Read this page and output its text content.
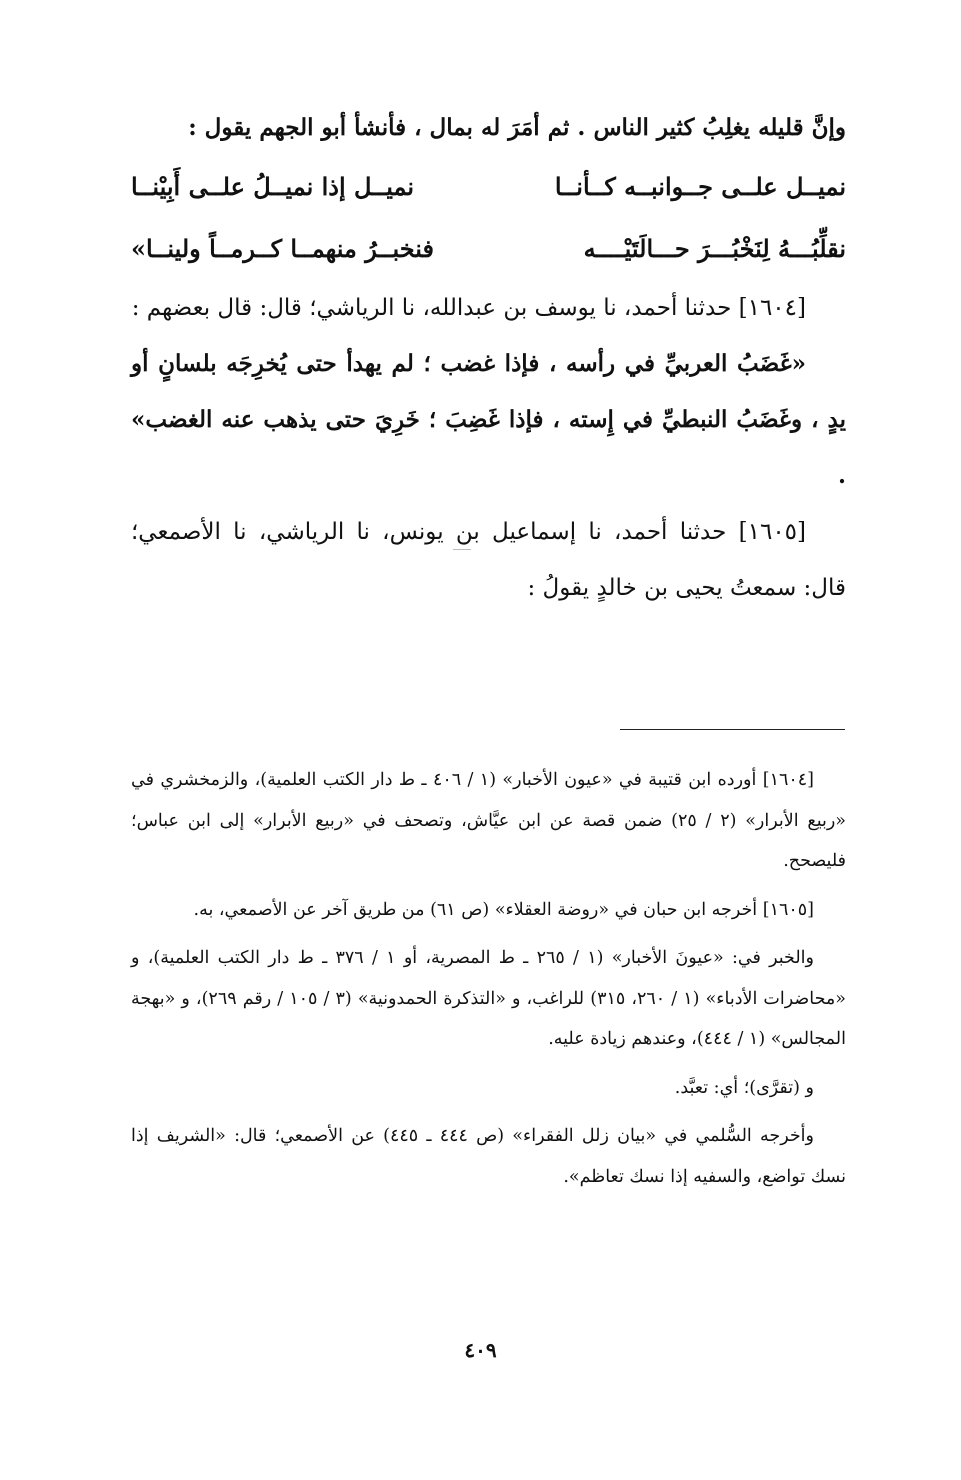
وإنَّ قليله يغلِبُ كثير الناس . ثم أمَرَ له بمال ، فأنشأ أبو الجهم يقول :

نميــل علــى جــوانبــه كــأنــا
نميــل إذا نميــلُ علــى أَبِيْنــا
نقلِّبُـــهُ لِنَخْبُـــرَ حـــالَتَيْــــه
فنخبــرُ منهمــا كــرمــاً ولينــا»

[١٦٠٤] حدثنا أحمد، نا يوسف بن عبدالله، نا الرياشي؛ قال: قال بعضهم :

«غَضَبُ العربيِّ في رأسه ، فإذا غضب ؛ لم يهدأ حتى يُخرِجَه بلسانٍ أو يدٍ ، وغَضَبُ النبطيِّ في إِسته ، فإذا غَضِبَ ؛ خَرِيَ حتى يذهب عنه الغضب» .

[١٦٠٥] حدثنا أحمد، نا إسماعيل بن يونس، نا الرياشي، نا الأصمعي؛ قال: سمعتُ يحيى بن خالدٍ يقولُ :

[١٦٠٤] أورده ابن قتيبة في «عيون الأخبار» (١ / ٤٠٦ ـ ط دار الكتب العلمية)، والزمخشري في «ربيع الأبرار» (٢ / ٢٥) ضمن قصة عن ابن عيَّاش، وتصحف في «ربيع الأبرار» إلى ابن عباس؛ فليصحح.

[١٦٠٥] أخرجه ابن حبان في «روضة العقلاء» (ص ٦١) من طريق آخر عن الأصمعي، به.

والخبر في: «عيونَ الأخبار» (١ / ٢٦٥ ـ ط المصرية، أو ١ / ٣٧٦ ـ ط دار الكتب العلمية)، و «محاضرات الأدباء» (١ / ٢٦٠، ٣١٥) للراغب، و «التذكرة الحمدونية» (٣ / ١٠٥ / رقم ٢٦٩)، و «بهجة المجالس» (١ / ٤٤٤)، وعندهم زيادة عليه.

و (تقرَّى)؛ أي: تعبَّد.

وأخرجه السُّلمي في «بيان زلل الفقراء» (ص ٤٤٤ ـ ٤٤٥) عن الأصمعي؛ قال: «الشريف إذا نسك تواضع، والسفيه إذا نسك تعاظم».

٤٠٩
